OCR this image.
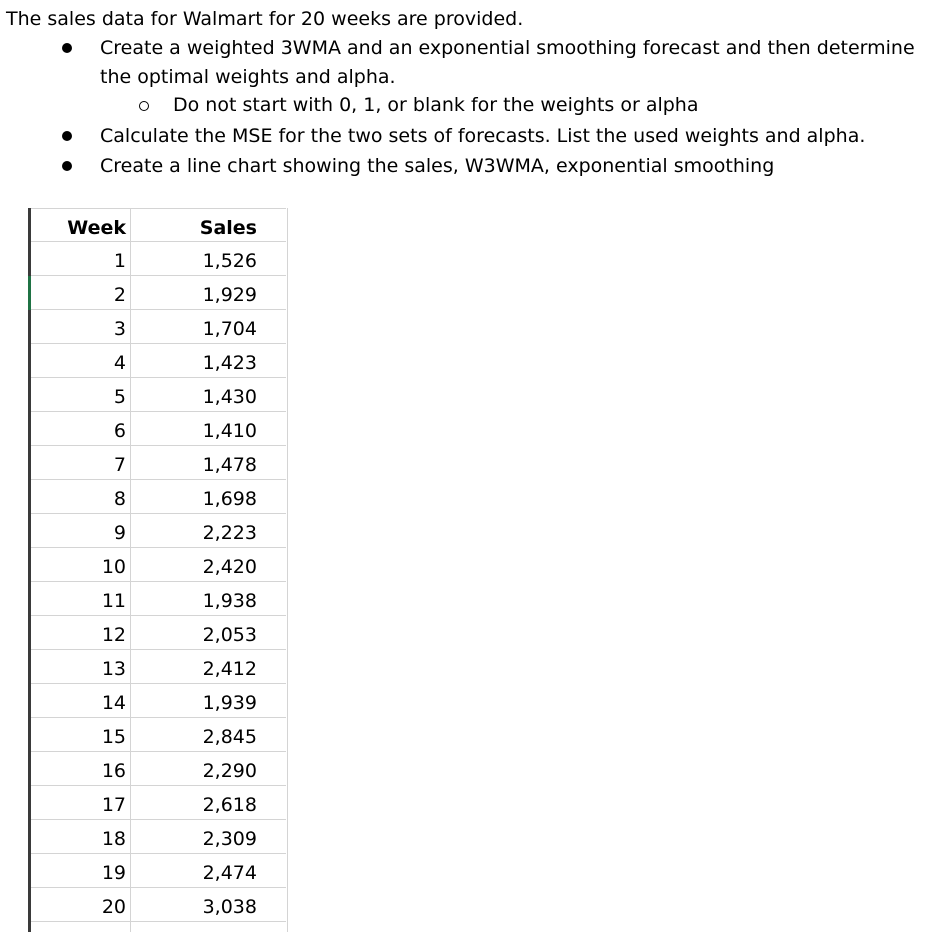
The sales data for Walmart for 20 weeks are provided.
Create a weighted 3WMA and an exponential smoothing forecast and then determine
the optimal weights and alpha.
Do not start with 0, 1, or blank for the weights or alpha
Calculate the MSE for the two sets of forecasts. List the used weights and alpha.
Create a line chart showing the sales, W3WMA, exponential smoothing
Week	Sales
1	1,526
2	1,929
3	1,704
4	1,423
5	1,430
6	1,410
7	1,478
8	1,698
9	2,223
10	2,420
11	1,938
12	2,053
13	2,412
14	1,939
15	2,845
16	2,290
17	2,618
18	2,309
19	2,474
20	3,038
